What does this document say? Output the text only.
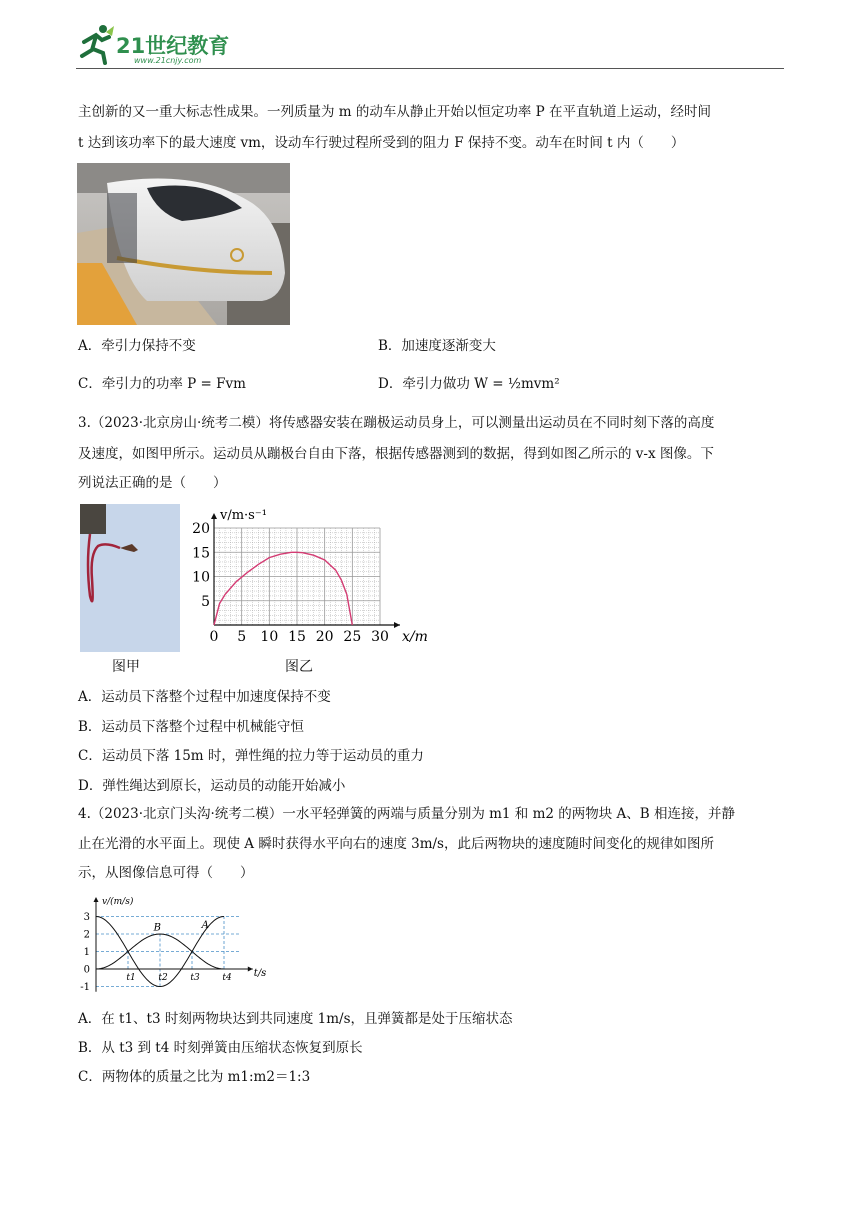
21世纪教育
www.21cnjy.com
主创新的又一重大标志性成果。一列质量为 m 的动车从静止开始以恒定功率 P 在平直轨道上运动，经时间
t 达到该功率下的最大速度 vm，设动车行驶过程所受到的阻力 F 保持不变。动车在时间 t 内（　　）
A．牵引力保持不变	B．加速度逐渐变大
C．牵引力的功率 P = Fvm	D．牵引力做功 W = ½mvm²
3.（2023·北京房山·统考二模）将传感器安装在蹦极运动员身上，可以测量出运动员在不同时刻下落的高度
及速度，如图甲所示。运动员从蹦极台自由下落，根据传感器测到的数据，得到如图乙所示的 v-x 图像。下
列说法正确的是（　　）
图甲
0 5 10 15 20 25 30
5
10
15
20
x/m
v/m·s⁻¹
图乙
A．运动员下落整个过程中加速度保持不变
B．运动员下落整个过程中机械能守恒
C．运动员下落 15m 时，弹性绳的拉力等于运动员的重力
D．弹性绳达到原长，运动员的动能开始减小
4.（2023·北京门头沟·统考二模）一水平轻弹簧的两端与质量分别为 m1 和 m2 的两物块 A、B 相连接，并静
止在光滑的水平面上。现使 A 瞬时获得水平向右的速度 3m/s，此后两物块的速度随时间变化的规律如图所
示，从图像信息可得（　　）
v/(m/s)
t/s
3
2
1
0
-1
t1	t2	t3	t4
A
B
A．在 t1、t3 时刻两物块达到共同速度 1m/s，且弹簧都是处于压缩状态
B．从 t3 到 t4 时刻弹簧由压缩状态恢复到原长
C．两物体的质量之比为 m1:m2＝1:3
